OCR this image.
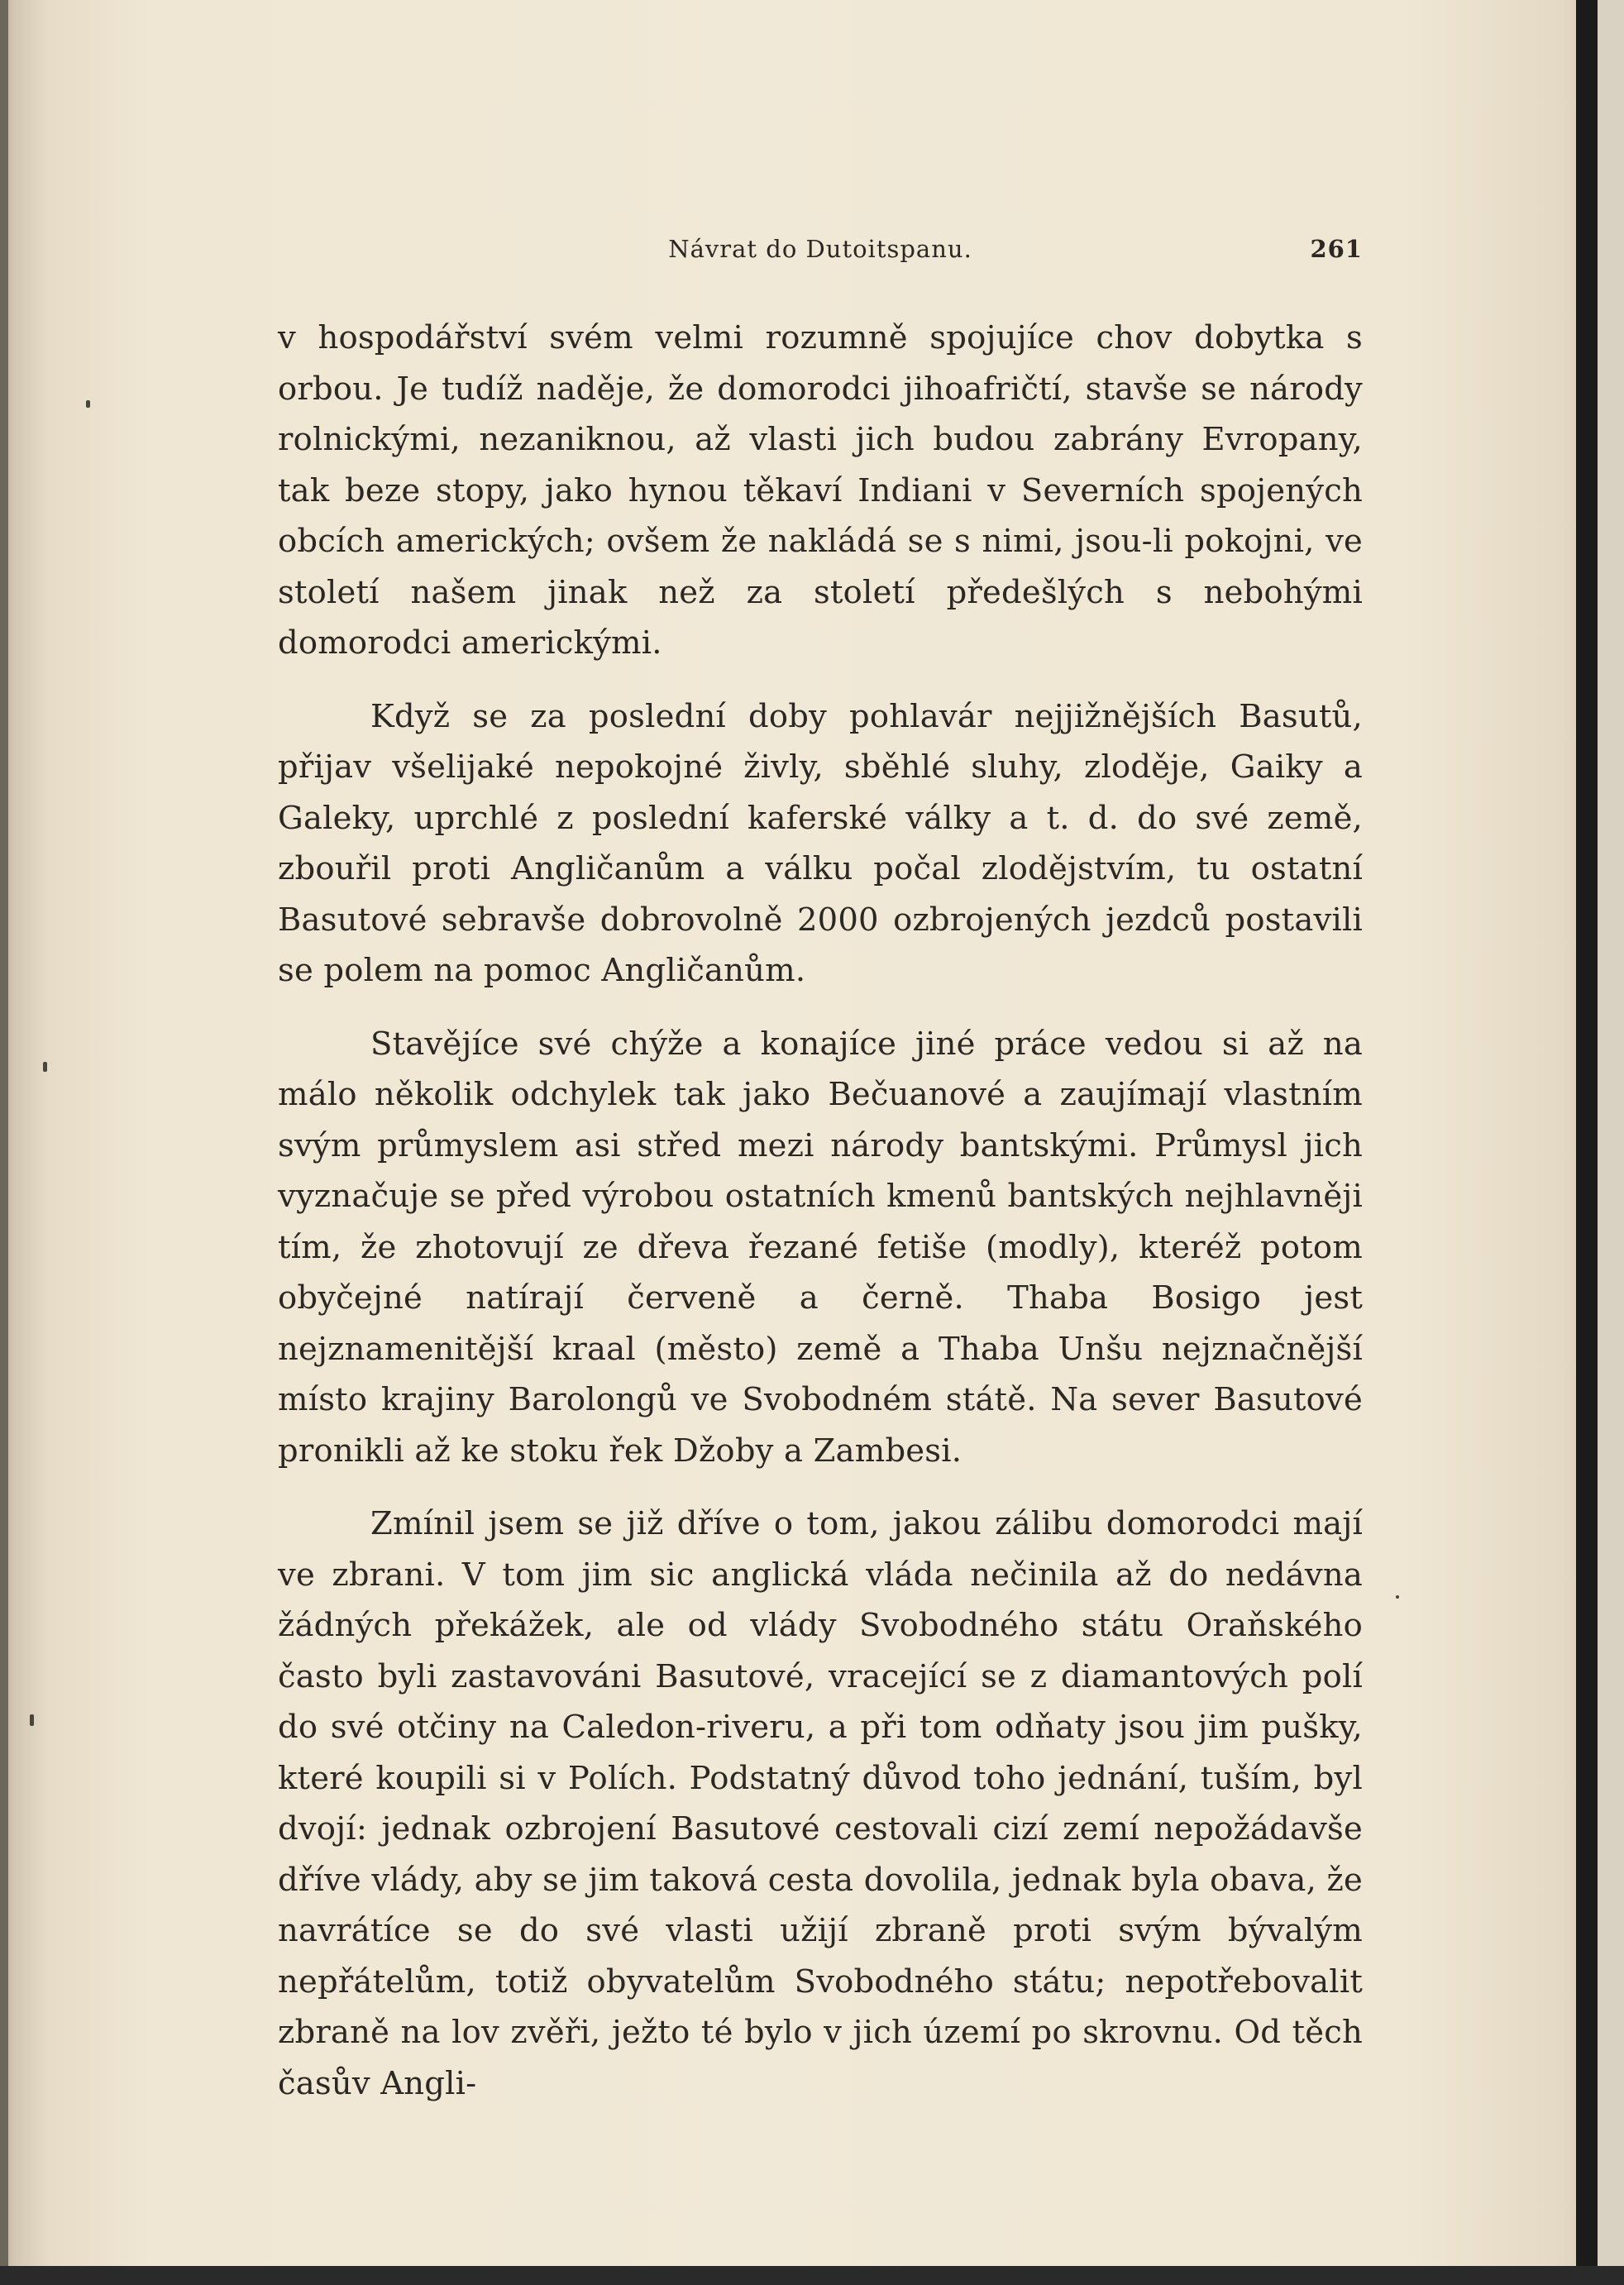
Návrat do Dutoitspanu.	261

v hospodářství svém velmi rozumně spojujíce chov dobytka s orbou. Je tudíž naděje, že domorodci jihoafričtí, stavše se národy rolnickými, nezaniknou, až vlasti jich budou zabrány Evropany, tak beze stopy, jako hynou těkaví Indiani v Severních spojených obcích amerických; ovšem že nakládá se s nimi, jsou-li pokojni, ve století našem jinak než za století předešlých s nebohými domorodci americkými.

Když se za poslední doby pohlavár nejjižnějších Basutů, přijav všelijaké nepokojné živly, sběhlé sluhy, zloděje, Gaiky a Galeky, uprchlé z poslední kaferské války a t. d. do své země, zbouřil proti Angličanům a válku počal zlodějstvím, tu ostatní Basutové sebravše dobrovolně 2000 ozbrojených jezdců postavili se polem na pomoc Angličanům.

Stavějíce své chýže a konajíce jiné práce vedou si až na málo několik odchylek tak jako Bečuanové a zaujímají vlastním svým průmyslem asi střed mezi národy bantskými. Průmysl jich vyznačuje se před výrobou ostatních kmenů bantských nejhlavněji tím, že zhotovují ze dřeva řezané fetiše (modly), kteréž potom obyčejné natírají červeně a černě. Thaba Bosigo jest nejznamenitější kraal (město) země a Thaba Unšu nejznačnější místo krajiny Barolongů ve Svobodném státě. Na sever Basutové pronikli až ke stoku řek Džoby a Zambesi.

Zmínil jsem se již dříve o tom, jakou zálibu domorodci mají ve zbrani. V tom jim sic anglická vláda nečinila až do nedávna žádných překážek, ale od vlády Svobodného státu Oraňského často byli zastavováni Basutové, vracející se z diamantových polí do své otčiny na Caledon-riveru, a při tom odňaty jsou jim pušky, které koupili si v Polích. Podstatný důvod toho jednání, tuším, byl dvojí: jednak ozbrojení Basutové cestovali cizí zemí nepožádavše dříve vlády, aby se jim taková cesta dovolila, jednak byla obava, že navrátíce se do své vlasti užijí zbraně proti svým bývalým nepřátelům, totiž obyvatelům Svobodného státu; nepotřebovalit zbraně na lov zvěři, ježto té bylo v jich území po skrovnu. Od těch časův Angli-
